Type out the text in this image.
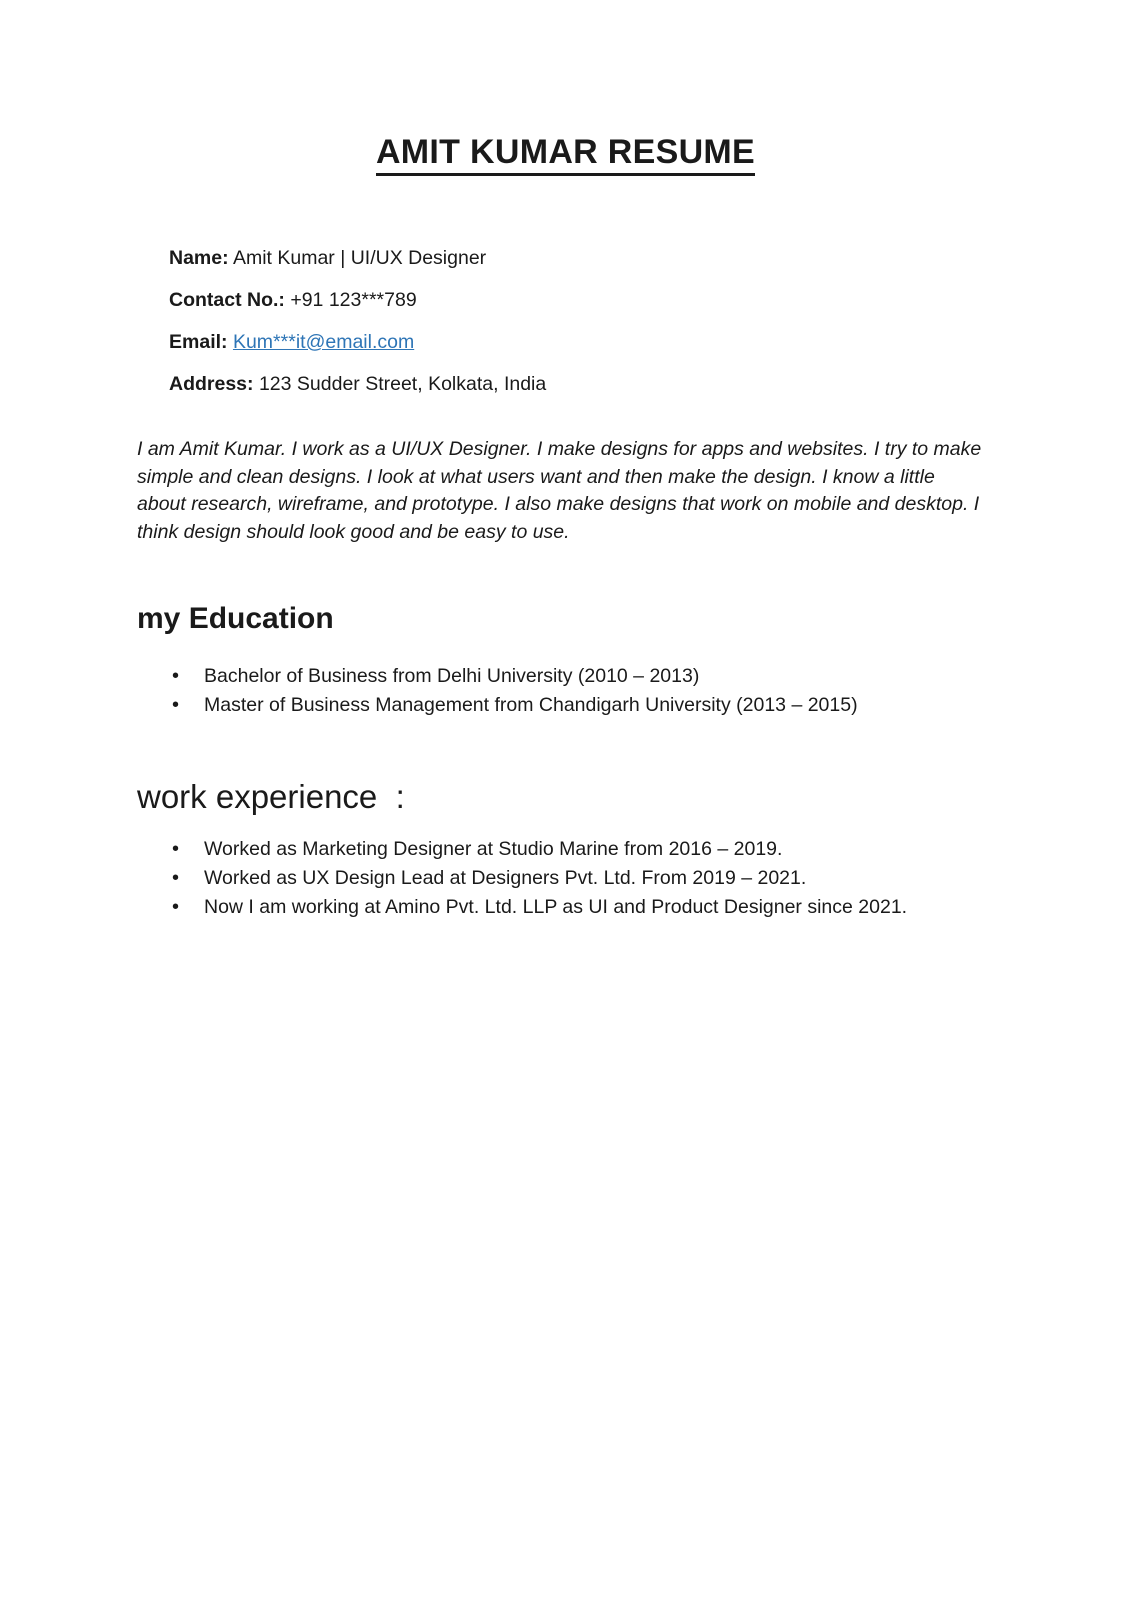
AMIT KUMAR RESUME

Name: Amit Kumar | UI/UX Designer

Contact No.: +91 123***789

Email: Kum***it@email.com

Address: 123 Sudder Street, Kolkata, India

I am Amit Kumar. I work as a UI/UX Designer. I make designs for apps and websites. I try to make simple and clean designs. I look at what users want and then make the design. I know a little about research, wireframe, and prototype. I also make designs that work on mobile and desktop. I think design should look good and be easy to use.

my Education
• Bachelor of Business from Delhi University (2010 – 2013)
• Master of Business Management from Chandigarh University (2013 – 2015)
work experience  :
• Worked as Marketing Designer at Studio Marine from 2016 – 2019.
• Worked as UX Design Lead at Designers Pvt. Ltd. From 2019 – 2021.
• Now I am working at Amino Pvt. Ltd. LLP as UI and Product Designer since 2021.
